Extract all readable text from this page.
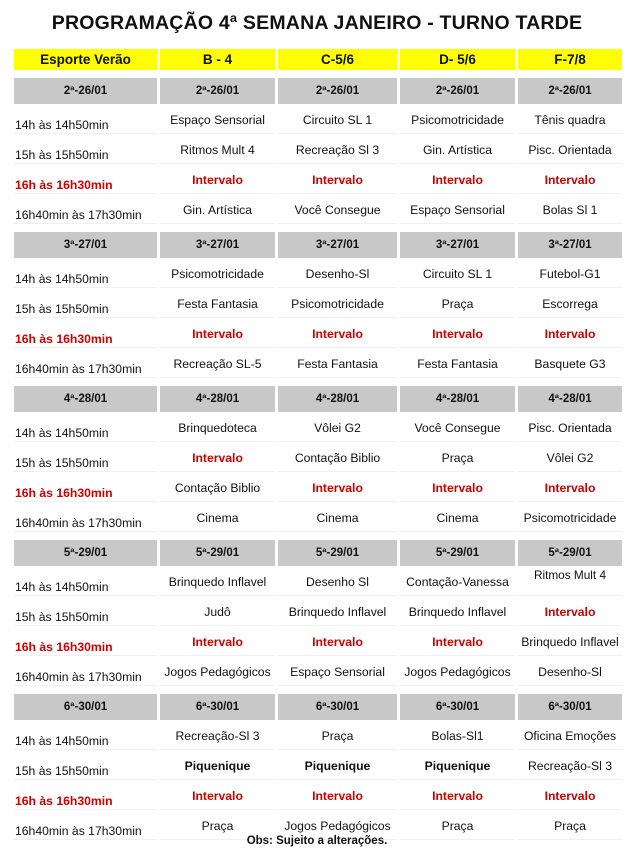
PROGRAMAÇÃO 4ª SEMANA JANEIRO - TURNO TARDE
Esporte Verão	B - 4	C-5/6	D- 5/6	F-7/8

2ª-26/01	2ª-26/01	2ª-26/01	2ª-26/01	2ª-26/01
14h às 14h50min	Espaço Sensorial	Circuito SL 1	Psicomotricidade	Tênis quadra
15h às 15h50min	Ritmos Mult 4	Recreação Sl 3	Gin. Artística	Pisc. Orientada
16h às 16h30min	Intervalo	Intervalo	Intervalo	Intervalo
16h40min às 17h30min	Gin. Artística	Você Consegue	Espaço Sensorial	Bolas Sl 1

3ª-27/01	3ª-27/01	3ª-27/01	3ª-27/01	3ª-27/01
14h às 14h50min	Psicomotricidade	Desenho-Sl	Circuito SL 1	Futebol-G1
15h às 15h50min	Festa Fantasia	Psicomotricidade	Praça	Escorrega
16h às 16h30min	Intervalo	Intervalo	Intervalo	Intervalo
16h40min às 17h30min	Recreação SL-5	Festa Fantasia	Festa Fantasia	Basquete G3

4ª-28/01	4ª-28/01	4ª-28/01	4ª-28/01	4ª-28/01
14h às 14h50min	Brinquedoteca	Vôlei G2	Você Consegue	Pisc. Orientada
15h às 15h50min	Intervalo	Contação Biblio	Praça	Vôlei G2
16h às 16h30min	Contação Biblio	Intervalo	Intervalo	Intervalo
16h40min às 17h30min	Cinema	Cinema	Cinema	Psicomotricidade

5ª-29/01	5ª-29/01	5ª-29/01	5ª-29/01	5ª-29/01
14h às 14h50min	Brinquedo Inflavel	Desenho Sl	Contação-Vanessa	Ritmos Mult 4
15h às 15h50min	Judô	Brinquedo Inflavel	Brinquedo Inflavel	Intervalo
16h às 16h30min	Intervalo	Intervalo	Intervalo	Brinquedo Inflavel
16h40min às 17h30min	Jogos Pedagógicos	Espaço Sensorial	Jogos Pedagógicos	Desenho-Sl

6ª-30/01	6ª-30/01	6ª-30/01	6ª-30/01	6ª-30/01
14h às 14h50min	Recreação-Sl 3	Praça	Bolas-Sl1	Oficina Emoções
15h às 15h50min	Piquenique	Piquenique	Piquenique	Recreação-Sl 3
16h às 16h30min	Intervalo	Intervalo	Intervalo	Intervalo
16h40min às 17h30min	Praça	Jogos Pedagógicos	Praça	Praça
Obs: Sujeito a alterações.
